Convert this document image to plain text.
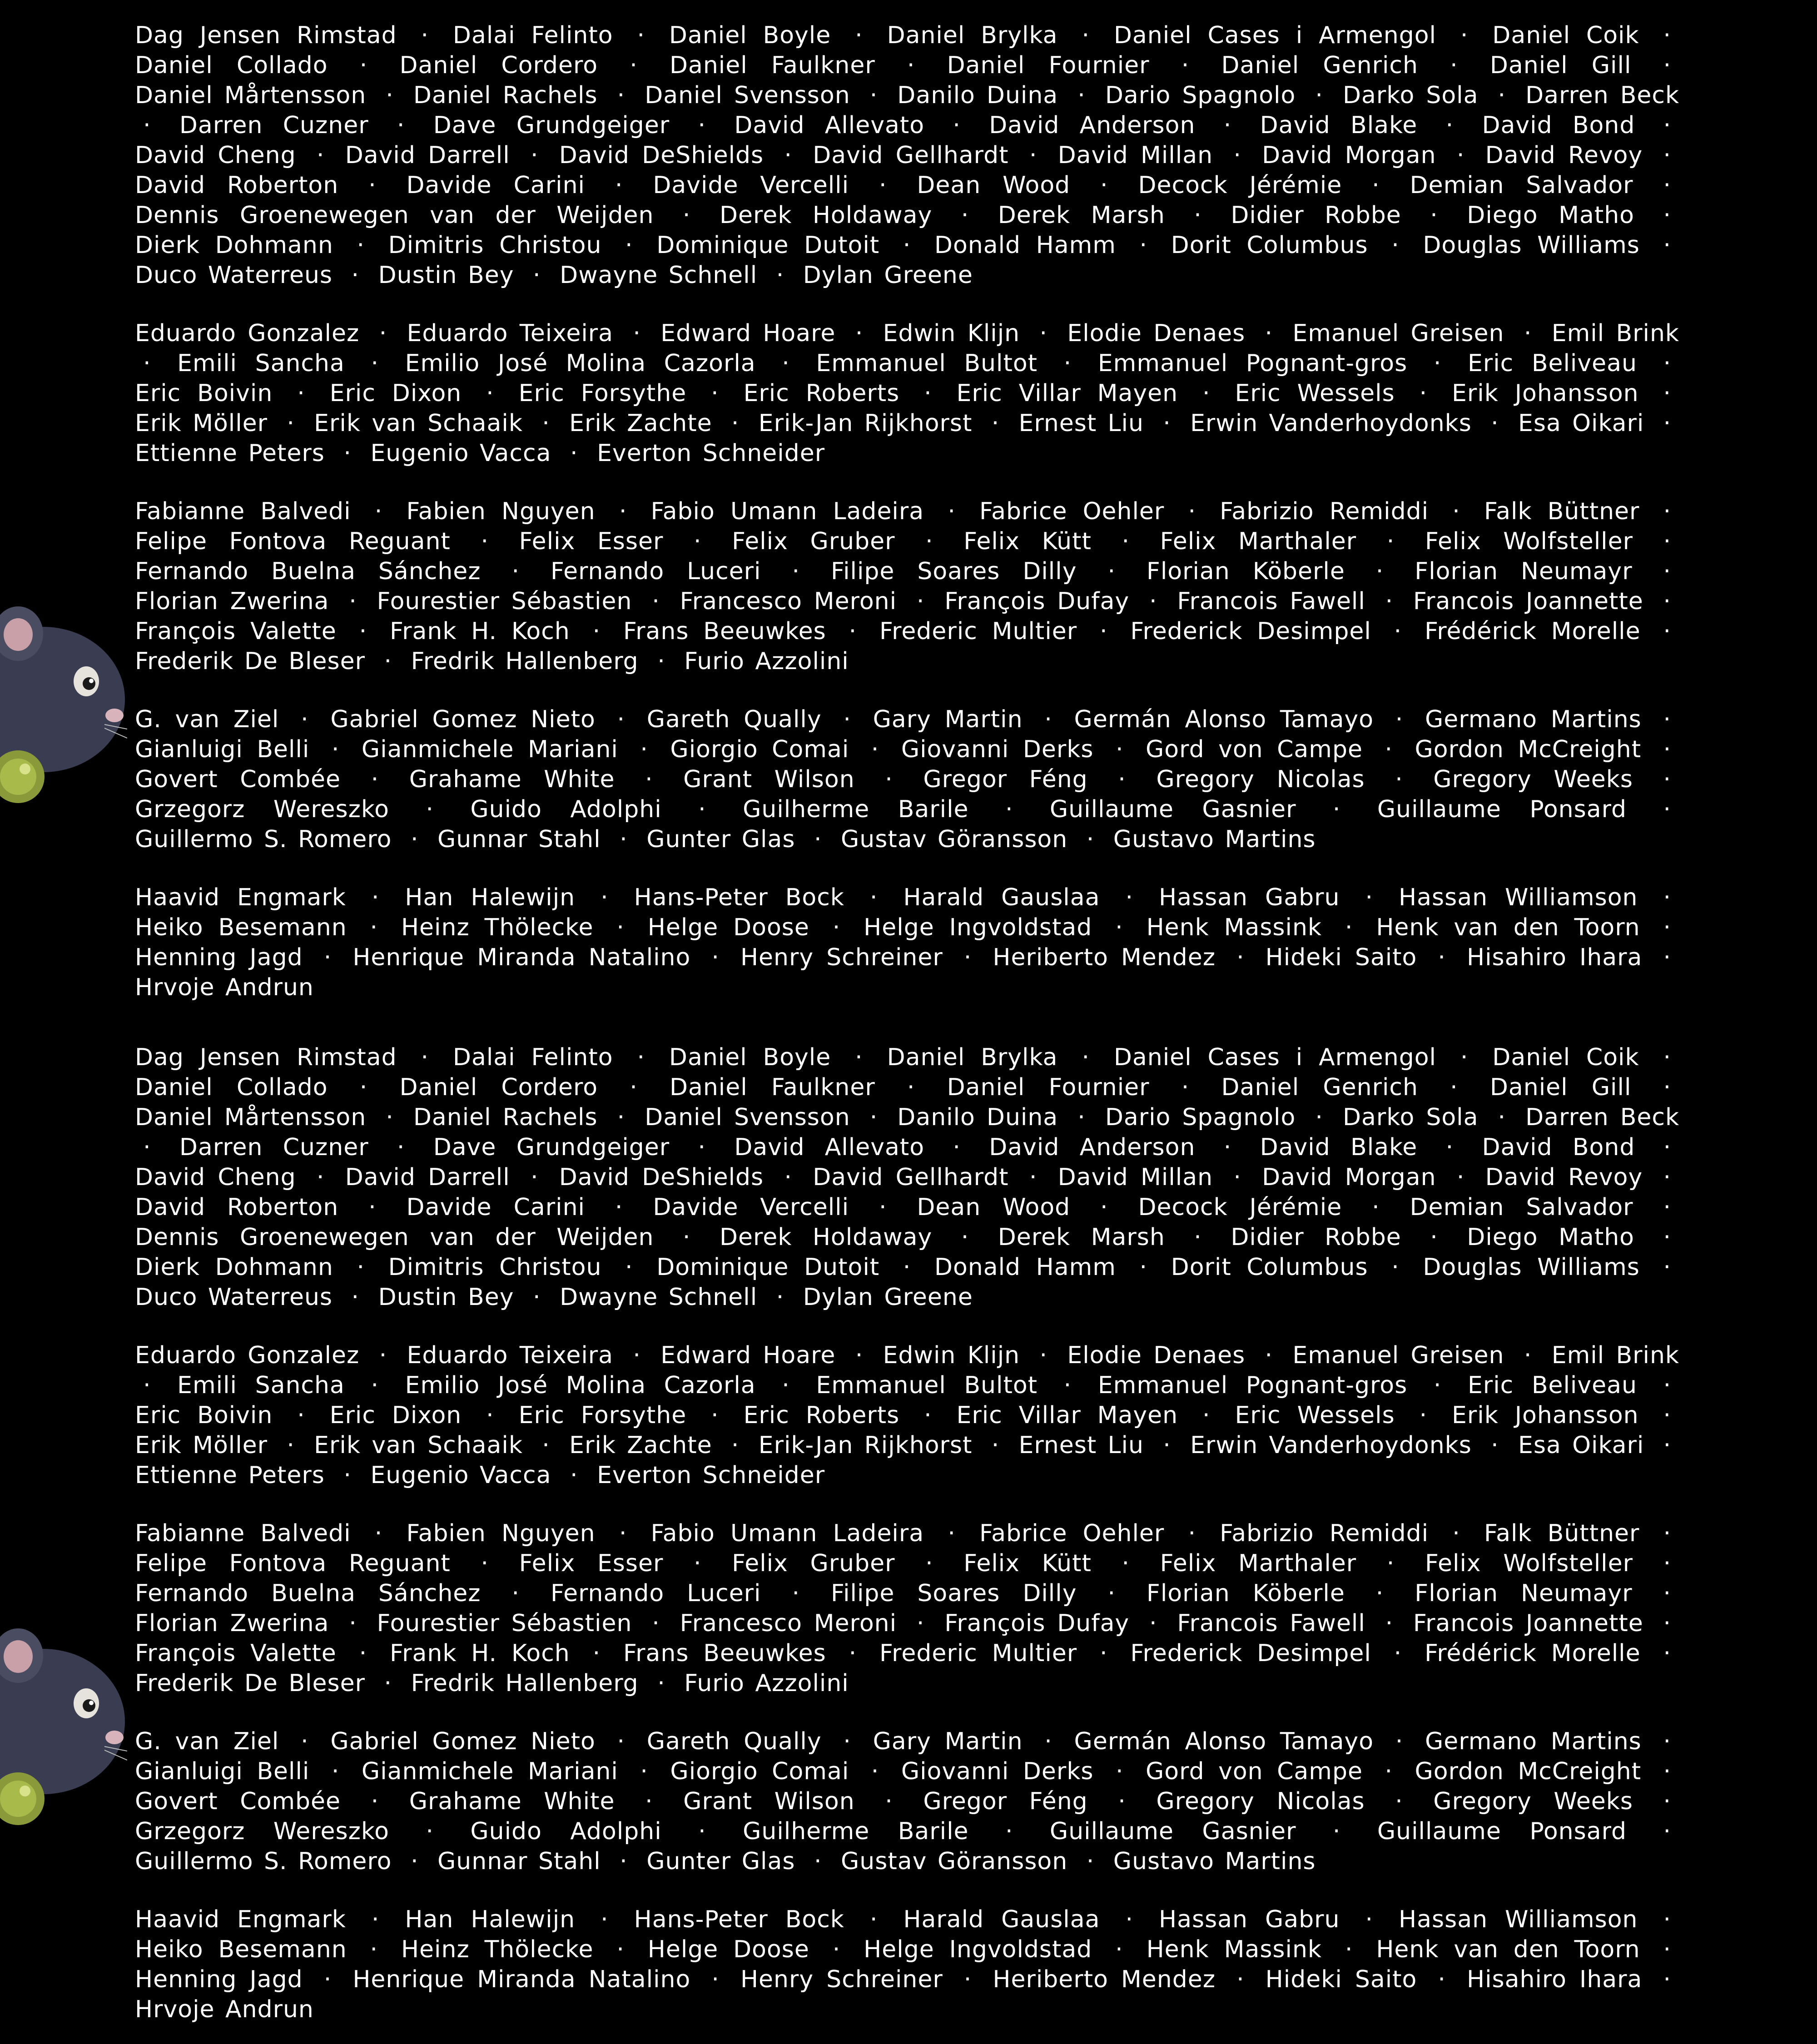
Dag Jensen Rimstad · Dalai Felinto · Daniel Boyle · Daniel Brylka · Daniel Cases i Armengol · Daniel Coik · Daniel Collado · Daniel Cordero · Daniel Faulkner · Daniel Fournier · Daniel Genrich · Daniel Gill · Daniel Mårtensson · Daniel Rachels · Daniel Svensson · Danilo Duina · Dario Spagnolo · Darko Sola · Darren Beck · Darren Cuzner · Dave Grundgeiger · David Allevato · David Anderson · David Blake · David Bond · David Cheng · David Darrell · David DeShields · David Gellhardt · David Millan · David Morgan · David Revoy · David Roberton · Davide Carini · Davide Vercelli · Dean Wood · Decock Jérémie · Demian Salvador · Dennis Groenewegen van der Weijden · Derek Holdaway · Derek Marsh · Didier Robbe · Diego Matho · Dierk Dohmann · Dimitris Christou · Dominique Dutoit · Donald Hamm · Dorit Columbus · Douglas Williams · Duco Waterreus · Dustin Bey · Dwayne Schnell · Dylan Greene

Eduardo Gonzalez · Eduardo Teixeira · Edward Hoare · Edwin Klijn · Elodie Denaes · Emanuel Greisen · Emil Brink · Emili Sancha · Emilio José Molina Cazorla · Emmanuel Bultot · Emmanuel Pognant-gros · Eric Beliveau · Eric Boivin · Eric Dixon · Eric Forsythe · Eric Roberts · Eric Villar Mayen · Eric Wessels · Erik Johansson · Erik Möller · Erik van Schaaik · Erik Zachte · Erik-Jan Rijkhorst · Ernest Liu · Erwin Vanderhoydonks · Esa Oikari · Ettienne Peters · Eugenio Vacca · Everton Schneider

Fabianne Balvedi · Fabien Nguyen · Fabio Umann Ladeira · Fabrice Oehler · Fabrizio Remiddi · Falk Büttner · Felipe Fontova Reguant · Felix Esser · Felix Gruber · Felix Kütt · Felix Marthaler · Felix Wolfsteller · Fernando Buelna Sánchez · Fernando Luceri · Filipe Soares Dilly · Florian Köberle · Florian Neumayr · Florian Zwerina · Fourestier Sébastien · Francesco Meroni · François Dufay · Francois Fawell · Francois Joannette · François Valette · Frank H. Koch · Frans Beeuwkes · Frederic Multier · Frederick Desimpel · Frédérick Morelle · Frederik De Bleser · Fredrik Hallenberg · Furio Azzolini

G. van Ziel · Gabriel Gomez Nieto · Gareth Qually · Gary Martin · Germán Alonso Tamayo · Germano Martins · Gianluigi Belli · Gianmichele Mariani · Giorgio Comai · Giovanni Derks · Gord von Campe · Gordon McCreight · Govert Combée · Grahame White · Grant Wilson · Gregor Féng · Gregory Nicolas · Gregory Weeks · Grzegorz Wereszko · Guido Adolphi · Guilherme Barile · Guillaume Gasnier · Guillaume Ponsard · Guillermo S. Romero · Gunnar Stahl · Gunter Glas · Gustav Göransson · Gustavo Martins

Haavid Engmark · Han Halewijn · Hans-Peter Bock · Harald Gauslaa · Hassan Gabru · Hassan Williamson · Heiko Besemann · Heinz Thölecke · Helge Doose · Helge Ingvoldstad · Henk Massink · Henk van den Toorn · Henning Jagd · Henrique Miranda Natalino · Henry Schreiner · Heriberto Mendez · Hideki Saito · Hisahiro Ihara · Hrvoje Andrun

Dag Jensen Rimstad · Dalai Felinto · Daniel Boyle · Daniel Brylka · Daniel Cases i Armengol · Daniel Coik · Daniel Collado · Daniel Cordero · Daniel Faulkner · Daniel Fournier · Daniel Genrich · Daniel Gill · Daniel Mårtensson · Daniel Rachels · Daniel Svensson · Danilo Duina · Dario Spagnolo · Darko Sola · Darren Beck · Darren Cuzner · Dave Grundgeiger · David Allevato · David Anderson · David Blake · David Bond · David Cheng · David Darrell · David DeShields · David Gellhardt · David Millan · David Morgan · David Revoy · David Roberton · Davide Carini · Davide Vercelli · Dean Wood · Decock Jérémie · Demian Salvador · Dennis Groenewegen van der Weijden · Derek Holdaway · Derek Marsh · Didier Robbe · Diego Matho · Dierk Dohmann · Dimitris Christou · Dominique Dutoit · Donald Hamm · Dorit Columbus · Douglas Williams · Duco Waterreus · Dustin Bey · Dwayne Schnell · Dylan Greene

Eduardo Gonzalez · Eduardo Teixeira · Edward Hoare · Edwin Klijn · Elodie Denaes · Emanuel Greisen · Emil Brink · Emili Sancha · Emilio José Molina Cazorla · Emmanuel Bultot · Emmanuel Pognant-gros · Eric Beliveau · Eric Boivin · Eric Dixon · Eric Forsythe · Eric Roberts · Eric Villar Mayen · Eric Wessels · Erik Johansson · Erik Möller · Erik van Schaaik · Erik Zachte · Erik-Jan Rijkhorst · Ernest Liu · Erwin Vanderhoydonks · Esa Oikari · Ettienne Peters · Eugenio Vacca · Everton Schneider

Fabianne Balvedi · Fabien Nguyen · Fabio Umann Ladeira · Fabrice Oehler · Fabrizio Remiddi · Falk Büttner · Felipe Fontova Reguant · Felix Esser · Felix Gruber · Felix Kütt · Felix Marthaler · Felix Wolfsteller · Fernando Buelna Sánchez · Fernando Luceri · Filipe Soares Dilly · Florian Köberle · Florian Neumayr · Florian Zwerina · Fourestier Sébastien · Francesco Meroni · François Dufay · Francois Fawell · Francois Joannette · François Valette · Frank H. Koch · Frans Beeuwkes · Frederic Multier · Frederick Desimpel · Frédérick Morelle · Frederik De Bleser · Fredrik Hallenberg · Furio Azzolini

G. van Ziel · Gabriel Gomez Nieto · Gareth Qually · Gary Martin · Germán Alonso Tamayo · Germano Martins · Gianluigi Belli · Gianmichele Mariani · Giorgio Comai · Giovanni Derks · Gord von Campe · Gordon McCreight · Govert Combée · Grahame White · Grant Wilson · Gregor Féng · Gregory Nicolas · Gregory Weeks · Grzegorz Wereszko · Guido Adolphi · Guilherme Barile · Guillaume Gasnier · Guillaume Ponsard · Guillermo S. Romero · Gunnar Stahl · Gunter Glas · Gustav Göransson · Gustavo Martins

Haavid Engmark · Han Halewijn · Hans-Peter Bock · Harald Gauslaa · Hassan Gabru · Hassan Williamson · Heiko Besemann · Heinz Thölecke · Helge Doose · Helge Ingvoldstad · Henk Massink · Henk van den Toorn · Henning Jagd · Henrique Miranda Natalino · Henry Schreiner · Heriberto Mendez · Hideki Saito · Hisahiro Ihara · Hrvoje Andrun
